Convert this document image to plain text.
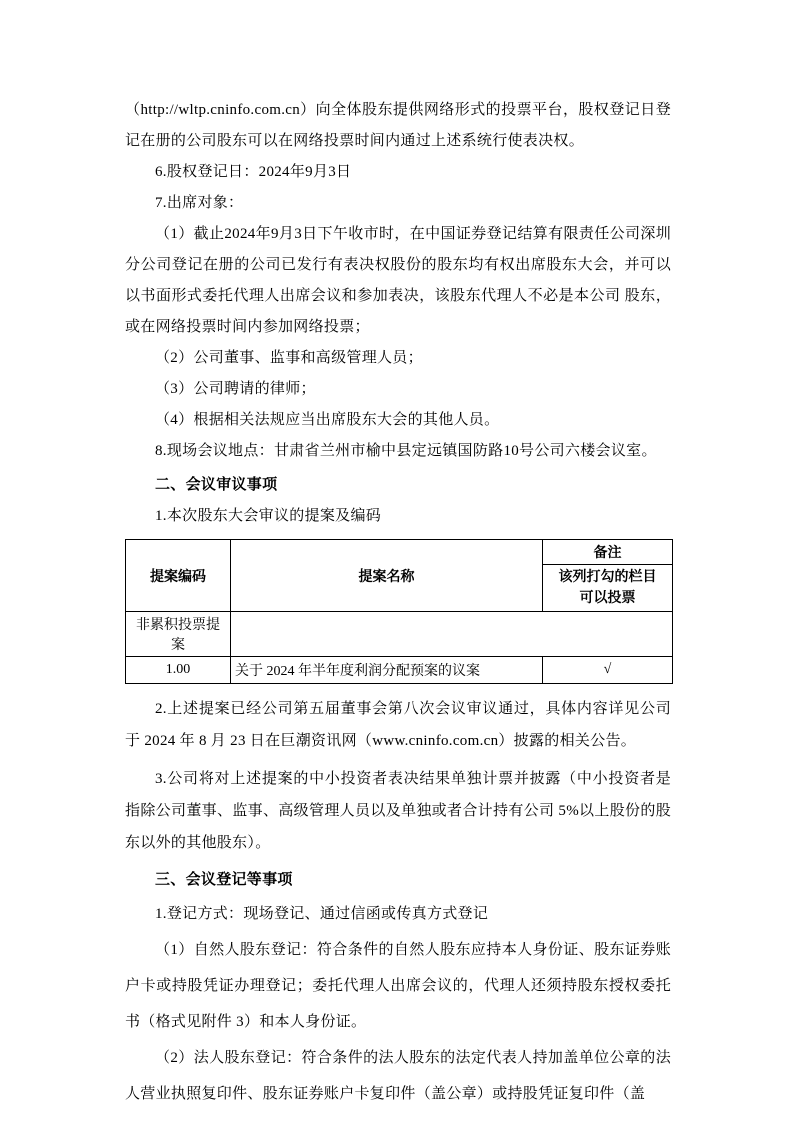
（http://wltp.cninfo.com.cn）向全体股东提供网络形式的投票平台，股权登记日登记在册的公司股东可以在网络投票时间内通过上述系统行使表决权。

6.股权登记日：2024年9月3日

7.出席对象：

（1）截止2024年9月3日下午收市时，在中国证券登记结算有限责任公司深圳分公司登记在册的公司已发行有表决权股份的股东均有权出席股东大会，并可以以书面形式委托代理人出席会议和参加表决，该股东代理人不必是本公司 股东，或在网络投票时间内参加网络投票；

（2）公司董事、监事和高级管理人员；

（3）公司聘请的律师；

（4）根据相关法规应当出席股东大会的其他人员。

8.现场会议地点：甘肃省兰州市榆中县定远镇国防路10号公司六楼会议室。

二、会议审议事项

1.本次股东大会审议的提案及编码

提案编码	提案名称	备注

		该列打勾的栏目
可以投票

非累积投票提案		
1.00	关于 2024 年半年度利润分配预案的议案	√

2.上述提案已经公司第五届董事会第八次会议审议通过，具体内容详见公司于 2024 年 8 月 23 日在巨潮资讯网（www.cninfo.com.cn）披露的相关公告。

3.公司将对上述提案的中小投资者表决结果单独计票并披露（中小投资者是指除公司董事、监事、高级管理人员以及单独或者合计持有公司 5%以上股份的股东以外的其他股东）。

三、会议登记等事项

1.登记方式：现场登记、通过信函或传真方式登记

（1）自然人股东登记：符合条件的自然人股东应持本人身份证、股东证券账户卡或持股凭证办理登记；委托代理人出席会议的，代理人还须持股东授权委托书（格式见附件 3）和本人身份证。

（2）法人股东登记：符合条件的法人股东的法定代表人持加盖单位公章的法人营业执照复印件、股东证券账户卡复印件（盖公章）或持股凭证复印件（盖
